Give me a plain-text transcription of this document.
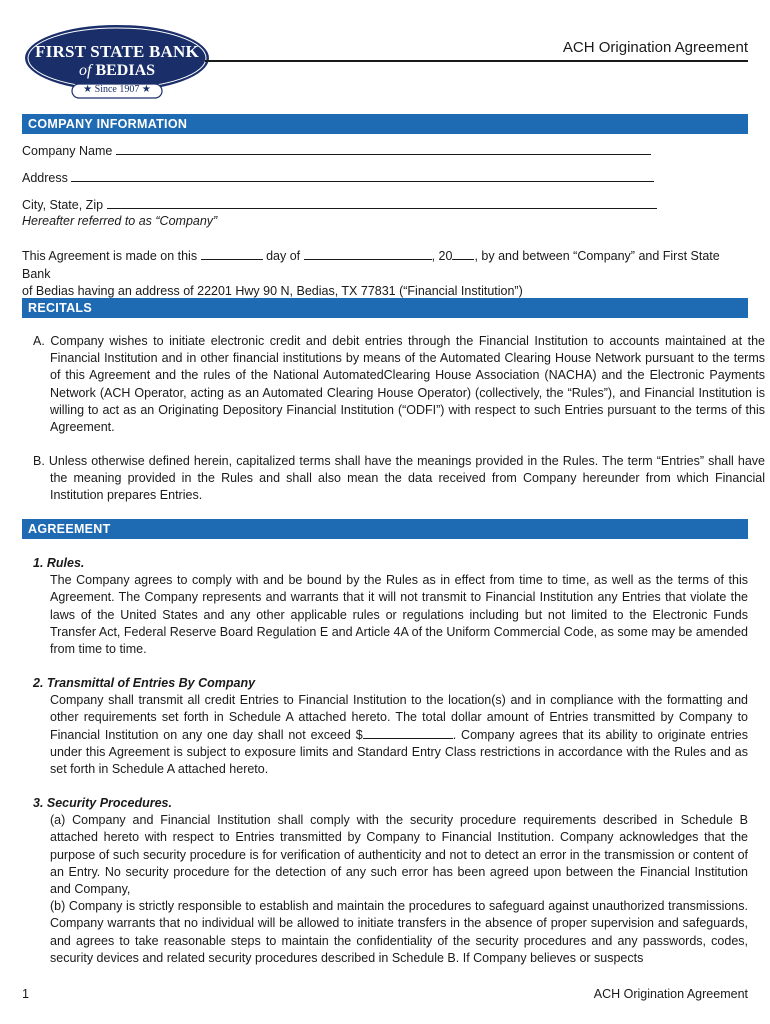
FIRST STATE BANK
of BEDIAS
★ Since 1907 ★
ACH Origination Agreement
COMPANY INFORMATION
Company Name
Address
City, State, Zip
Hereafter referred to as “Company”
This Agreement is made on this	day of	, 20 , by and between “Company” and First State Bank
of Bedias having an address of 22201 Hwy 90 N, Bedias, TX 77831 (“Financial Institution”)
RECITALS
A. Company wishes to initiate electronic credit and debit entries through the Financial Institution to accounts maintained at the Financial Institution and in other financial institutions by means of the Automated Clearing House Network pursuant to the terms of this Agreement and the rules of the National AutomatedClearing House Association (NACHA) and the Electronic Payments Network (ACH Operator, acting as an Automated Clearing House Operator) (collectively, the “Rules”), and Financial Institution is willing to act as an Originating Depository Financial Institution (“ODFI”) with respect to such Entries pursuant to the terms of this Agreement.
B. Unless otherwise defined herein, capitalized terms shall have the meanings provided in the Rules. The term “Entries” shall have the meaning provided in the Rules and shall also mean the data received from Company hereunder from which Financial Institution prepares Entries.
AGREEMENT
1. Rules.
The Company agrees to comply with and be bound by the Rules as in effect from time to time, as well as the terms of this Agreement. The Company represents and warrants that it will not transmit to Financial Institution any Entries that violate the laws of the United States and any other applicable rules or regulations including but not limited to the Electronic Funds Transfer Act, Federal Reserve Board Regulation E and Article 4A of the Uniform Commercial Code, as some may be amended from time to time.
2. Transmittal of Entries By Company
Company shall transmit all credit Entries to Financial Institution to the location(s) and in compliance with the formatting and other requirements set forth in Schedule A attached hereto. The total dollar amount of Entries transmitted by Company to Financial Institution on any one day shall not exceed $	. Company agrees that its ability to originate entries under this Agreement is subject to exposure limits and Standard Entry Class restrictions in accordance with the Rules and as set forth in Schedule A attached hereto.
3. Security Procedures.
(a) Company and Financial Institution shall comply with the security procedure requirements described in Schedule B attached hereto with respect to Entries transmitted by Company to Financial Institution. Company acknowledges that the purpose of such security procedure is for verification of authenticity and not to detect an error in the transmission or content of an Entry. No security procedure for the detection of any such error has been agreed upon between the Financial Institution and Company,
(b) Company is strictly responsible to establish and maintain the procedures to safeguard against unauthorized transmissions. Company warrants that no individual will be allowed to initiate transfers in the absence of proper supervision and safeguards, and agrees to take reasonable steps to maintain the confidentiality of the security procedures and any passwords, codes, security devices and related security procedures described in Schedule B. If Company believes or suspects
1	ACH Origination Agreement
